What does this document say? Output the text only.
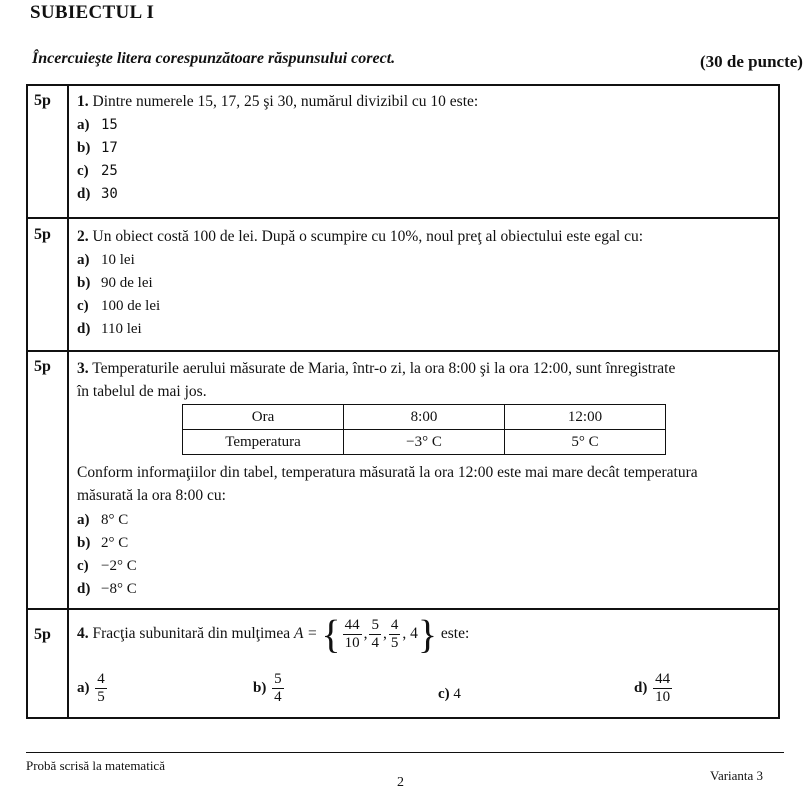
SUBIECTUL I
Încercuieşte litera corespunzătoare răspunsului corect.	(30 de puncte)
5p 1. Dintre numerele 15, 17, 25 şi 30, numărul divizibil cu 10 este:
a) 15
b) 17
c) 25
d) 30
5p 2. Un obiect costă 100 de lei. După o scumpire cu 10%, noul preţ al obiectului este egal cu:
a) 10 lei
b) 90 de lei
c) 100 de lei
d) 110 lei
5p 3. Temperaturile aerului măsurate de Maria, într-o zi, la ora 8:00 şi la ora 12:00, sunt înregistrate
în tabelul de mai jos.
Ora	8:00	12:00
Temperatura	−3° C	5° C
Conform informaţiilor din tabel, temperatura măsurată la ora 12:00 este mai mare decât temperatura
măsurată la ora 8:00 cu:
a) 8° C
b) 2° C
c) −2° C
d) −8° C
5p 4. Fracţia subunitară din mulţimea A = { $\frac{44}{10}$ , $\frac{5}{4}$ , $\frac{4}{5}$ , 4} este:
$a) \frac{4}{5}$	$b) \frac{5}{4}$	c) 4	$d) \frac{44}{10}$
Probă scrisă la matematică
Varianta 3
2
